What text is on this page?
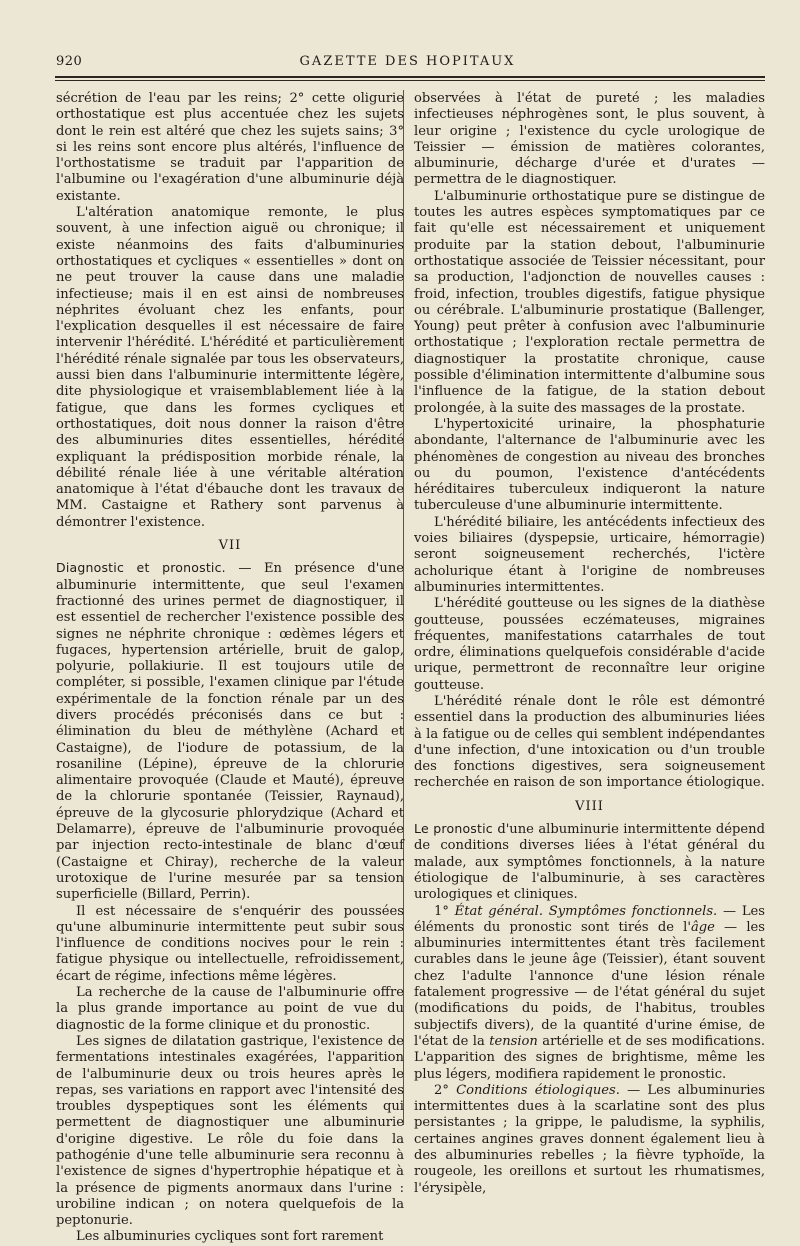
920	GAZETTE DES HOPITAUX

sécrétion de l'eau par les reins; 2° cette oligurie orthostatique est plus accentuée chez les sujets dont le rein est altéré que chez les sujets sains; 3° si les reins sont encore plus altérés, l'influence de l'orthostatisme se traduit par l'apparition de l'albumine ou l'exagération d'une albuminurie déjà existante.

L'altération anatomique remonte, le plus souvent, à une infection aiguë ou chronique; il existe néanmoins des faits d'albuminuries orthostatiques et cycliques « essentielles » dont on ne peut trouver la cause dans une maladie infectieuse; mais il en est ainsi de nombreuses néphrites évoluant chez les enfants, pour l'explication desquelles il est nécessaire de faire intervenir l'hérédité. L'hérédité et particulièrement l'hérédité rénale signalée par tous les observateurs, aussi bien dans l'albuminurie intermittente légère, dite physiologique et vraisemblablement liée à la fatigue, que dans les formes cycliques et orthostatiques, doit nous donner la raison d'être des albuminuries dites essentielles, hérédité expliquant la prédisposition morbide rénale, la débilité rénale liée à une véritable altération anatomique à l'état d'ébauche dont les travaux de MM. Castaigne et Rathery sont parvenus à démontrer l'existence.

VII

Diagnostic et pronostic. — En présence d'une albuminurie intermittente, que seul l'examen fractionné des urines permet de diagnostiquer, il est essentiel de rechercher l'existence possible des signes ne néphrite chronique : œdèmes légers et fugaces, hypertension artérielle, bruit de galop, polyurie, pollakiurie. Il est toujours utile de compléter, si possible, l'examen clinique par l'étude expérimentale de la fonction rénale par un des divers procédés préconisés dans ce but : élimination du bleu de méthylène (Achard et Castaigne), de l'iodure de potassium, de la rosaniline (Lépine), épreuve de la chlorurie alimentaire provoquée (Claude et Mauté), épreuve de la chlorurie spontanée (Teissier, Raynaud), épreuve de la glycosurie phlorydzique (Achard et Delamarre), épreuve de l'albuminurie provoquée par injection recto-intestinale de blanc d'œuf (Castaigne et Chiray), recherche de la valeur urotoxique de l'urine mesurée par sa tension superficielle (Billard, Perrin).

Il est nécessaire de s'enquérir des poussées qu'une albuminurie intermittente peut subir sous l'influence de conditions nocives pour le rein : fatigue physique ou intellectuelle, refroidissement, écart de régime, infections même légères.

La recherche de la cause de l'albuminurie offre la plus grande importance au point de vue du diagnostic de la forme clinique et du pronostic.

Les signes de dilatation gastrique, l'existence de fermentations intestinales exagérées, l'apparition de l'albuminurie deux ou trois heures après le repas, ses variations en rapport avec l'intensité des troubles dyspeptiques sont les éléments qui permettent de diagnostiquer une albuminurie d'origine digestive. Le rôle du foie dans la pathogénie d'une telle albuminurie sera reconnu à l'existence de signes d'hypertrophie hépatique et à la présence de pigments anormaux dans l'urine : urobiline indican ; on notera quelquefois de la peptonurie.

Les albuminuries cycliques sont fort rarement

observées à l'état de pureté ; les maladies infectieuses néphrogènes sont, le plus souvent, à leur origine ; l'existence du cycle urologique de Teissier — émission de matières colorantes, albuminurie, décharge d'urée et d'urates — permettra de le diagnostiquer.

L'albuminurie orthostatique pure se distingue de toutes les autres espèces symptomatiques par ce fait qu'elle est nécessairement et uniquement produite par la station debout, l'albuminurie orthostatique associée de Teissier nécessitant, pour sa production, l'adjonction de nouvelles causes : froid, infection, troubles digestifs, fatigue physique ou cérébrale. L'albuminurie prostatique (Ballenger, Young) peut prêter à confusion avec l'albuminurie orthostatique ; l'exploration rectale permettra de diagnostiquer la prostatite chronique, cause possible d'élimination intermittente d'albumine sous l'influence de la fatigue, de la station debout prolongée, à la suite des massages de la prostate.

L'hypertoxicité urinaire, la phosphaturie abondante, l'alternance de l'albuminurie avec les phénomènes de congestion au niveau des bronches ou du poumon, l'existence d'antécédents héréditaires tuberculeux indiqueront la nature tuberculeuse d'une albuminurie intermittente.

L'hérédité biliaire, les antécédents infectieux des voies biliaires (dyspepsie, urticaire, hémorragie) seront soigneusement recherchés, l'ictère acholurique étant à l'origine de nombreuses albuminuries intermittentes.

L'hérédité goutteuse ou les signes de la diathèse goutteuse, poussées eczémateuses, migraines fréquentes, manifestations catarrhales de tout ordre, éliminations quelquefois considérable d'acide urique, permettront de reconnaître leur origine goutteuse.

L'hérédité rénale dont le rôle est démontré essentiel dans la production des albuminuries liées à la fatigue ou de celles qui semblent indépendantes d'une infection, d'une intoxication ou d'un trouble des fonctions digestives, sera soigneusement recherchée en raison de son importance étiologique.

VIII

Le pronostic d'une albuminurie intermittente dépend de conditions diverses liées à l'état général du malade, aux symptômes fonctionnels, à la nature étiologique de l'albuminurie, à ses caractères urologiques et cliniques.

1° État général. Symptômes fonctionnels. — Les éléments du pronostic sont tirés de l'âge — les albuminuries intermittentes étant très facilement curables dans le jeune âge (Teissier), étant souvent chez l'adulte l'annonce d'une lésion rénale fatalement progressive — de l'état général du sujet (modifications du poids, de l'habitus, troubles subjectifs divers), de la quantité d'urine émise, de l'état de la tension artérielle et de ses modifications. L'apparition des signes de brightisme, même les plus légers, modifiera rapidement le pronostic.

2° Conditions étiologiques. — Les albuminuries intermittentes dues à la scarlatine sont des plus persistantes ; la grippe, le paludisme, la syphilis, certaines angines graves donnent également lieu à des albuminuries rebelles ; la fièvre typhoïde, la rougeole, les oreillons et surtout les rhumatismes, l'érysipèle,
